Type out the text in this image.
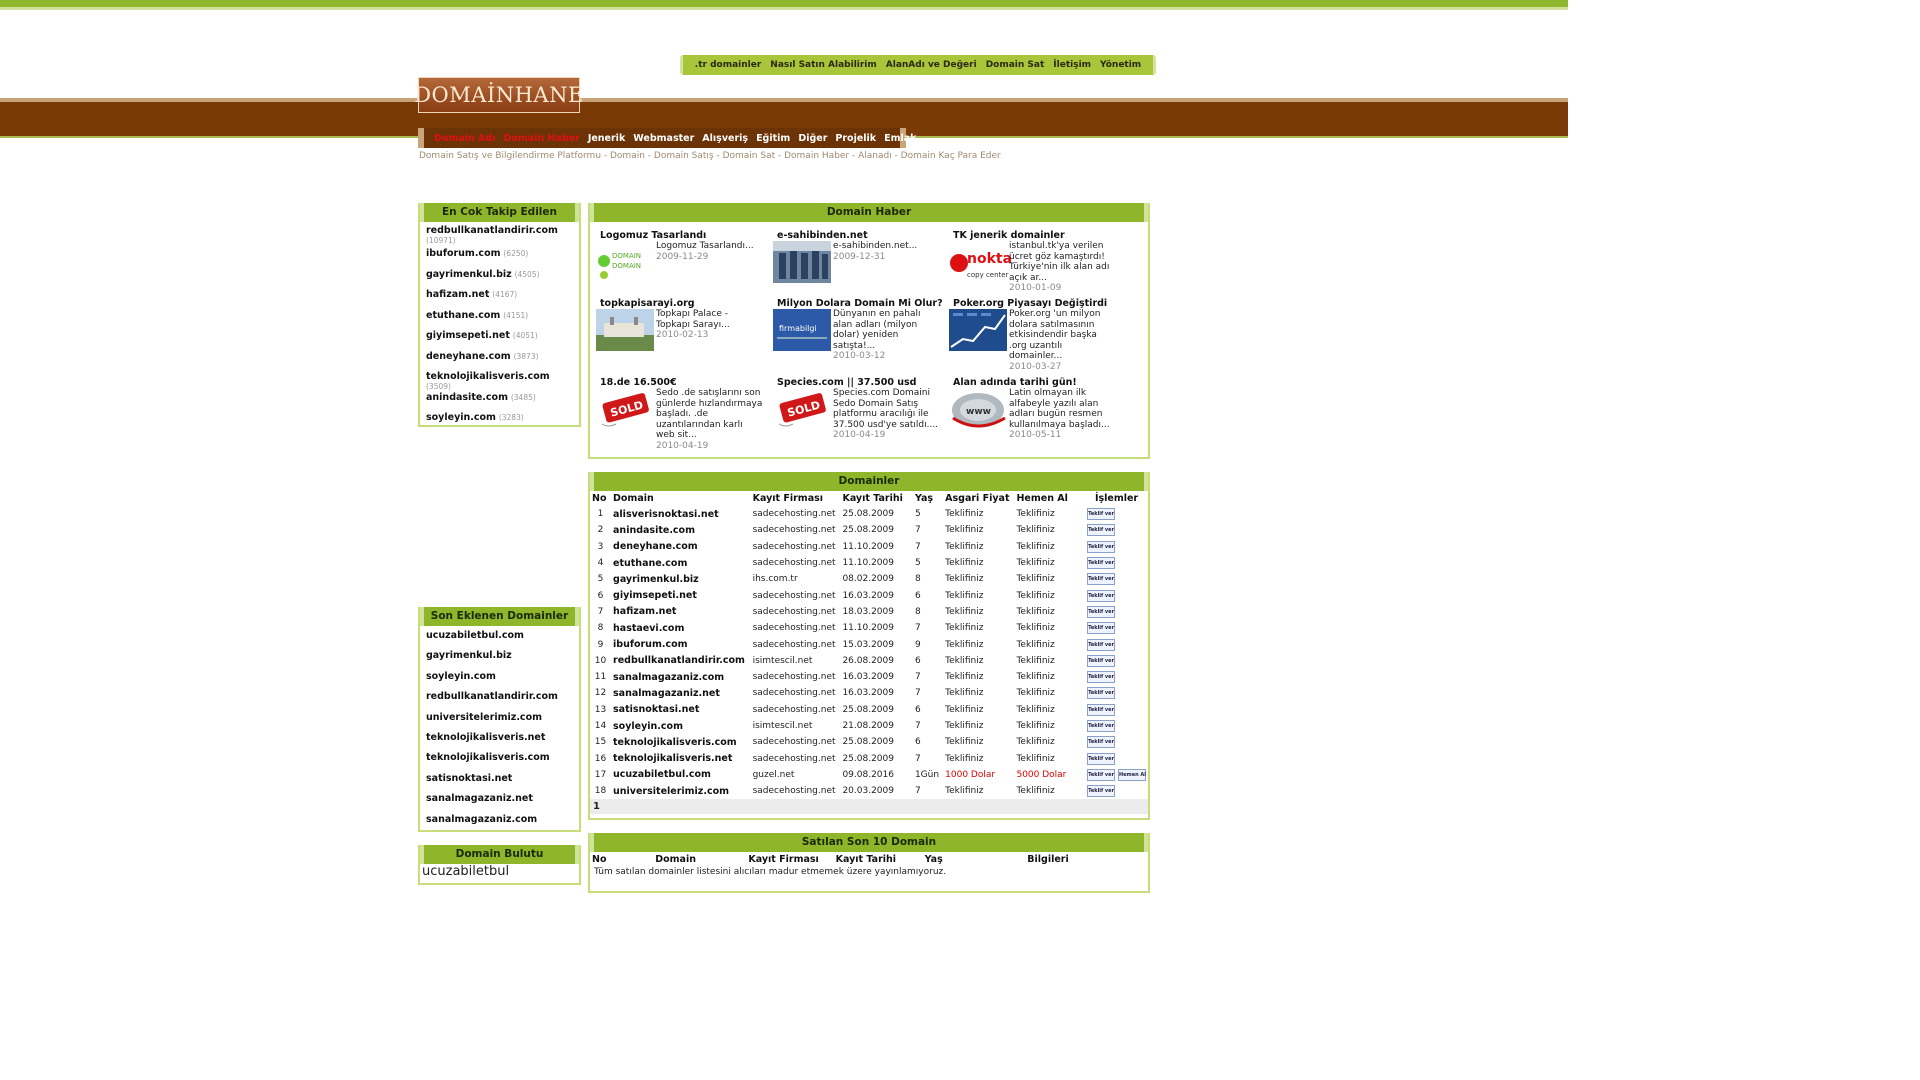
.tr domainler Nasıl Satın Alabilirim AlanAdı ve Değeri Domain Sat İletişim Yönetim
DOMAİNHANE
Domain Adı Domain Haber Jenerik Webmaster Alışveriş Eğitim Diğer Projelik Emlak
Domain Satış ve Bilgilendirme Platformu - Domain - Domain Satış - Domain Sat - Domain Haber - Alanadı - Domain Kaç Para Eder
En Cok Takip Edilen
redbullkanatlandirir.com (10971)
ibuforum.com (6250)
gayrimenkul.biz (4505)
hafizam.net (4167)
etuthane.com (4151)
giyimsepeti.net (4051)
deneyhane.com (3873)
teknolojikalisveris.com (3509)
anindasite.com (3485)
soyleyin.com (3283)
Son Eklenen Domainler
ucuzabiletbul.com
gayrimenkul.biz
soyleyin.com
redbullkanatlandirir.com
universitelerimiz.com
teknolojikalisveris.net
teknolojikalisveris.com
satisnoktasi.net
sanalmagazaniz.net
sanalmagazaniz.com
Domain Bulutu
ucuzabiletbul
Domain Haber
Logomuz Tasarlandı
DOMAIN
DOMAIN
Logomuz Tasarlandı...
2009-11-29
e-sahibinden.net
e-sahibinden.net...
2009-12-31
TK jenerik domainler
nokta
copy center
istanbul.tk'ya verilen ücret göz kamaştırdı! Türkiye'nin ilk alan adı açık ar...
2010-01-09
topkapisarayi.org
Topkapı Palace - Topkapı Sarayı...
2010-02-13
Milyon Dolara Domain Mi Olur?
firmabilgi
Dünyanın en pahalı alan adları (milyon dolar) yeniden satışta!...
2010-03-12
Poker.org Piyasayı Değiştirdi
Poker.org 'un milyon dolara satılmasının etkisindendir başka .org uzantılı domainler...
2010-03-27
18.de 16.500€
SOLD
Sedo .de satışlarını son günlerde hızlandırmaya başladı. .de uzantılarından karlı web sit...
2010-04-19
Species.com || 37.500 usd
SOLD
Species.com Domaini Sedo Domain Satış platformu aracılığı ile 37.500 usd'ye satıldı....
2010-04-19
Alan adında tarihi gün!
www
Latin olmayan ilk alfabeyle yazılı alan adları bugün resmen kullanılmaya başladı...
2010-05-11
Domainler
No	Domain	Kayıt Firması	Kayıt Tarihi	Yaş	Asgari Fiyat	Hemen Al	İşlemler
1	alisverisnoktasi.net	sadecehosting.net	25.08.2009	5	Teklifiniz	Teklifiniz	Teklif ver
2	anindasite.com	sadecehosting.net	25.08.2009	7	Teklifiniz	Teklifiniz	Teklif ver
3	deneyhane.com	sadecehosting.net	11.10.2009	7	Teklifiniz	Teklifiniz	Teklif ver
4	etuthane.com	sadecehosting.net	11.10.2009	5	Teklifiniz	Teklifiniz	Teklif ver
5	gayrimenkul.biz	ihs.com.tr	08.02.2009	8	Teklifiniz	Teklifiniz	Teklif ver
6	giyimsepeti.net	sadecehosting.net	16.03.2009	6	Teklifiniz	Teklifiniz	Teklif ver
7	hafizam.net	sadecehosting.net	18.03.2009	8	Teklifiniz	Teklifiniz	Teklif ver
8	hastaevi.com	sadecehosting.net	11.10.2009	7	Teklifiniz	Teklifiniz	Teklif ver
9	ibuforum.com	sadecehosting.net	15.03.2009	9	Teklifiniz	Teklifiniz	Teklif ver
10	redbullkanatlandirir.com	isimtescil.net	26.08.2009	6	Teklifiniz	Teklifiniz	Teklif ver
11	sanalmagazaniz.com	sadecehosting.net	16.03.2009	7	Teklifiniz	Teklifiniz	Teklif ver
12	sanalmagazaniz.net	sadecehosting.net	16.03.2009	7	Teklifiniz	Teklifiniz	Teklif ver
13	satisnoktasi.net	sadecehosting.net	25.08.2009	6	Teklifiniz	Teklifiniz	Teklif ver
14	soyleyin.com	isimtescil.net	21.08.2009	7	Teklifiniz	Teklifiniz	Teklif ver
15	teknolojikalisveris.com	sadecehosting.net	25.08.2009	6	Teklifiniz	Teklifiniz	Teklif ver
16	teknolojikalisveris.net	sadecehosting.net	25.08.2009	7	Teklifiniz	Teklifiniz	Teklif ver
17	ucuzabiletbul.com	guzel.net	09.08.2016	1Gün	1000 Dolar	5000 Dolar	Teklif ver Hemen Al
18	universitelerimiz.com	sadecehosting.net	20.03.2009	7	Teklifiniz	Teklifiniz	Teklif ver
1
Satılan Son 10 Domain
No	Domain	Kayıt Firması	Kayıt Tarihi	Yaş	Bilgileri
Tüm satılan domainler listesini alıcıları madur etmemek üzere yayınlamıyoruz.
